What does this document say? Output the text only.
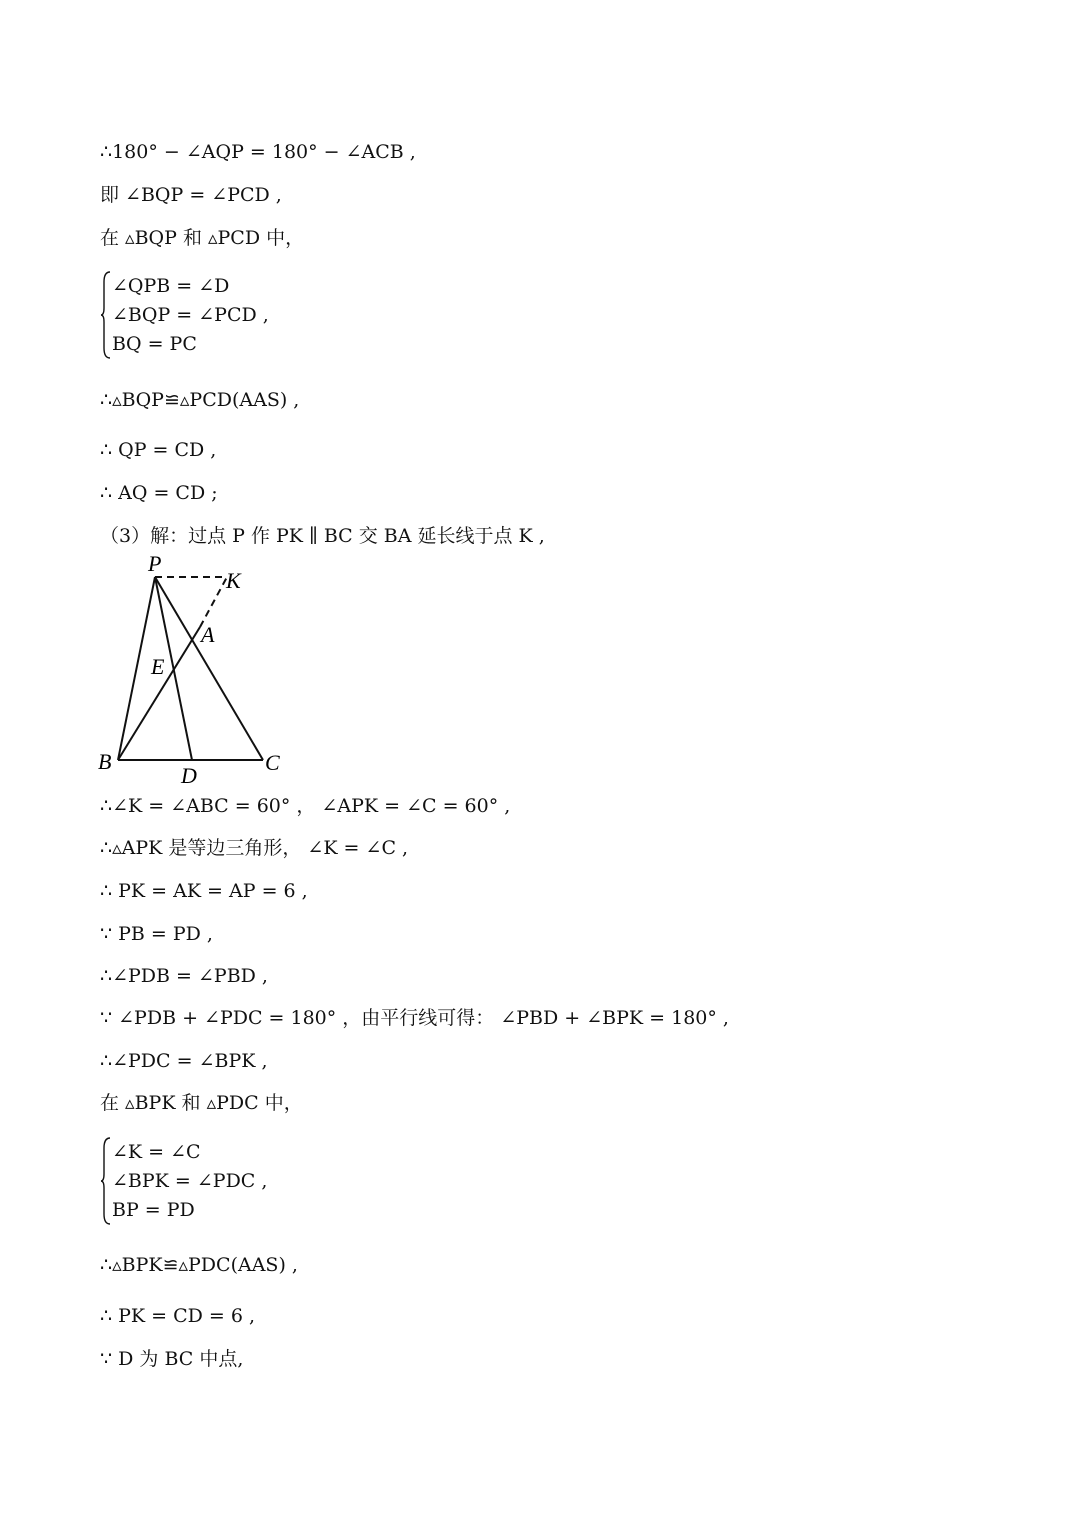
∴180° − ∠AQP = 180° − ∠ACB ,
即 ∠BQP = ∠PCD ,
在 ▵BQP 和 ▵PCD 中，
∠QPB = ∠D
∠BQP = ∠PCD ,
BQ = PC
∴▵BQP≌▵PCD(AAS) ,
∴ QP = CD ,
∴ AQ = CD ;
（3）解：过点 P 作 PK ∥ BC 交 BA 延长线于点 K ,
P
K
A
E
B
D
C
∴∠K = ∠ABC = 60° ， ∠APK = ∠C = 60° ,
∴▵APK 是等边三角形， ∠K = ∠C ,
∴ PK = AK = AP = 6 ,
∵ PB = PD ,
∴∠PDB = ∠PBD ,
∵ ∠PDB + ∠PDC = 180° ，由平行线可得： ∠PBD + ∠BPK = 180° ,
∴∠PDC = ∠BPK ,
在 ▵BPK 和 ▵PDC 中，
∠K = ∠C
∠BPK = ∠PDC ,
BP = PD
∴▵BPK≌▵PDC(AAS) ,
∴ PK = CD = 6 ,
∵ D 为 BC 中点,
